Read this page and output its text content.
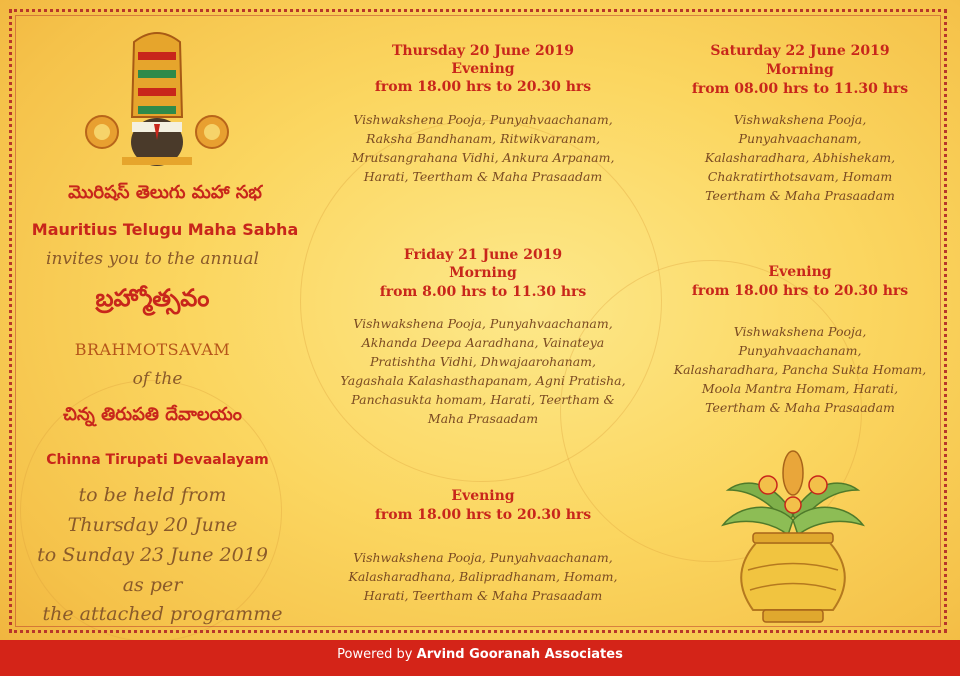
మొరిషస్ తెలుగు మహా సభ
Mauritius Telugu Maha Sabha
invites you to the annual
బ్రహ్మోత్సవం
BRAHMOTSAVAM
of the
చిన్న తిరుపతి దేవాలయం
Chinna Tirupati Devaalayam
to be held from
Thursday 20 June
to Sunday 23 June 2019
as per
the attached programme
Thursday 20 June 2019
Evening
from 18.00 hrs to 20.30 hrs
Vishwakshena Pooja, Punyahvaachanam,
Raksha Bandhanam, Ritwikvaranam,
Mrutsangrahana Vidhi, Ankura Arpanam,
Harati, Teertham & Maha Prasaadam
Friday 21 June 2019
Morning
from 8.00 hrs to 11.30 hrs
Vishwakshena Pooja, Punyahvaachanam,
Akhanda Deepa Aaradhana, Vainateya
Pratishtha Vidhi, Dhwajaarohanam,
Yagashala Kalashasthapanam, Agni Pratisha,
Panchasukta homam, Harati, Teertham &
Maha Prasaadam
Evening
from 18.00 hrs to 20.30 hrs
Vishwakshena Pooja, Punyahvaachanam,
Kalasharadhana, Balipradhanam, Homam,
Harati, Teertham & Maha Prasaadam
Saturday 22 June 2019
Morning
from 08.00 hrs to 11.30 hrs
Vishwakshena Pooja,
Punyahvaachanam,
Kalasharadhara, Abhishekam,
Chakratirthotsavam, Homam
Teertham & Maha Prasaadam
Evening
from 18.00 hrs to 20.30 hrs
Vishwakshena Pooja,
Punyahvaachanam,
Kalasharadhara, Pancha Sukta Homam,
Moola Mantra Homam, Harati,
Teertham & Maha Prasaadam
Powered by Arvind Gooranah Associates
